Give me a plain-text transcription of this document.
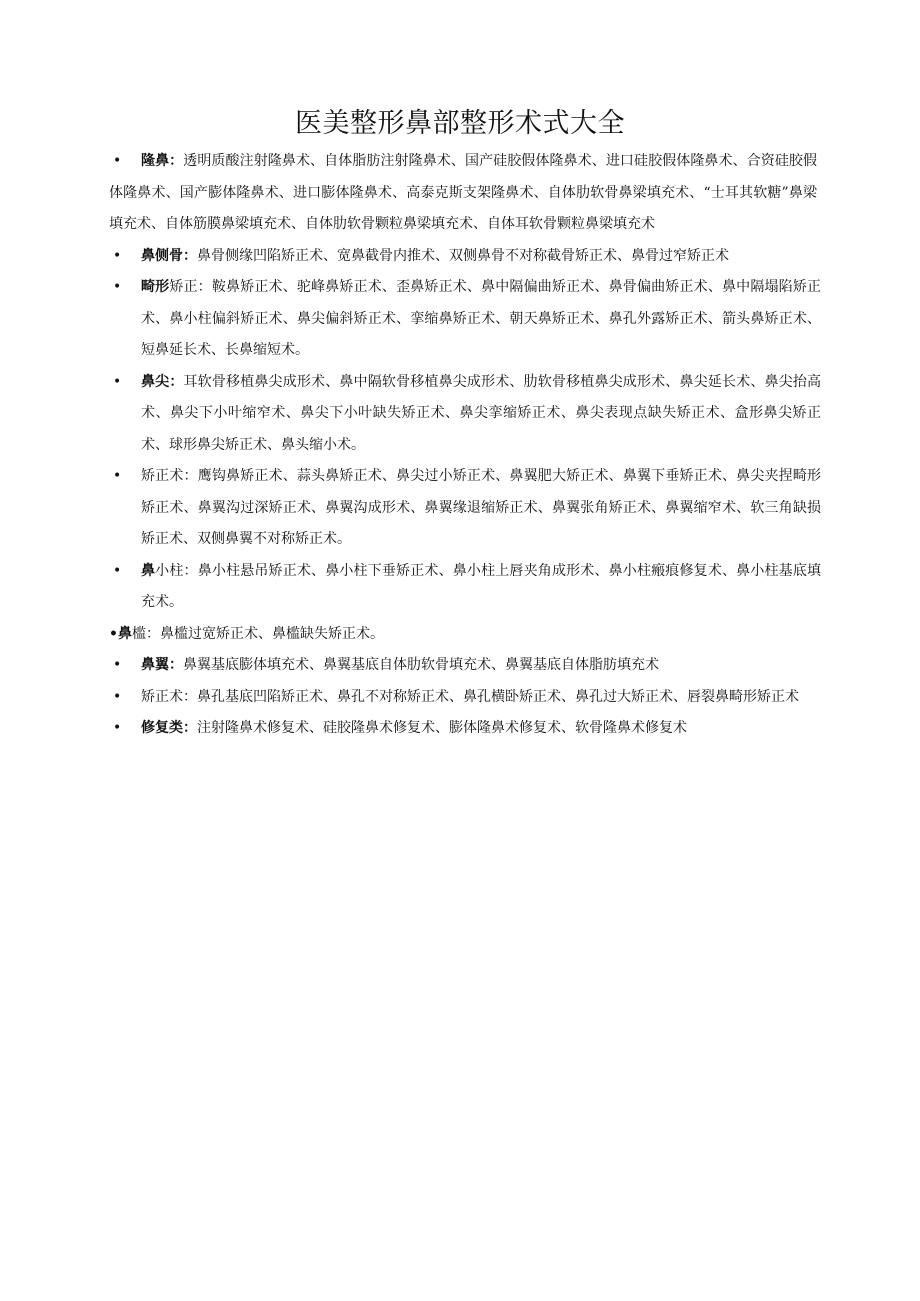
医美整形鼻部整形术式大全
•	隆鼻：透明质酸注射隆鼻术、自体脂肪注射隆鼻术、国产硅胶假体隆鼻术、进口硅胶假体隆鼻术、合资硅胶假体隆鼻术、国产膨体隆鼻术、进口膨体隆鼻术、高泰克斯支架隆鼻术、自体肋软骨鼻梁填充术、“士耳其软糖”鼻梁填充术、自体筋膜鼻梁填充术、自体肋软骨颗粒鼻梁填充术、自体耳软骨颗粒鼻梁填充术
• 鼻侧骨：鼻骨侧缘凹陷矫正术、宽鼻截骨内推术、双侧鼻骨不对称截骨矫正术、鼻骨过窄矫正术
• 畸形矫正：鞍鼻矫正术、驼峰鼻矫正术、歪鼻矫正术、鼻中隔偏曲矫正术、鼻骨偏曲矫正术、鼻中隔塌陷矫正术、鼻小柱偏斜矫正术、鼻尖偏斜矫正术、挛缩鼻矫正术、朝天鼻矫正术、鼻孔外露矫正术、箭头鼻矫正术、短鼻延长术、长鼻缩短术。
• 鼻尖：耳软骨移植鼻尖成形术、鼻中隔软骨移植鼻尖成形术、肋软骨移植鼻尖成形术、鼻尖延长术、鼻尖抬高术、鼻尖下小叶缩窄术、鼻尖下小叶缺失矫正术、鼻尖挛缩矫正术、鼻尖表现点缺失矫正术、盒形鼻尖矫正术、球形鼻尖矫正术、鼻头缩小术。
• 矫正术：鹰钩鼻矫正术、蒜头鼻矫正术、鼻尖过小矫正术、鼻翼肥大矫正术、鼻翼下垂矫正术、鼻尖夹捏畸形矫正术、鼻翼沟过深矫正术、鼻翼沟成形术、鼻翼缘退缩矫正术、鼻翼张角矫正术、鼻翼缩窄术、软三角缺损矫正术、双侧鼻翼不对称矫正术。
• 鼻小柱：鼻小柱悬吊矫正术、鼻小柱下垂矫正术、鼻小柱上唇夹角成形术、鼻小柱瘢痕修复术、鼻小柱基底填充术。
•鼻槛：鼻槛过宽矫正术、鼻槛缺失矫正术。
• 鼻翼：鼻翼基底膨体填充术、鼻翼基底自体肋软骨填充术、鼻翼基底自体脂肪填充术
• 矫正术：鼻孔基底凹陷矫正术、鼻孔不对称矫正术、鼻孔横卧矫正术、鼻孔过大矫正术、唇裂鼻畸形矫正术
• 修复类：注射隆鼻术修复术、硅胶隆鼻术修复术、膨体隆鼻术修复术、软骨隆鼻术修复术
